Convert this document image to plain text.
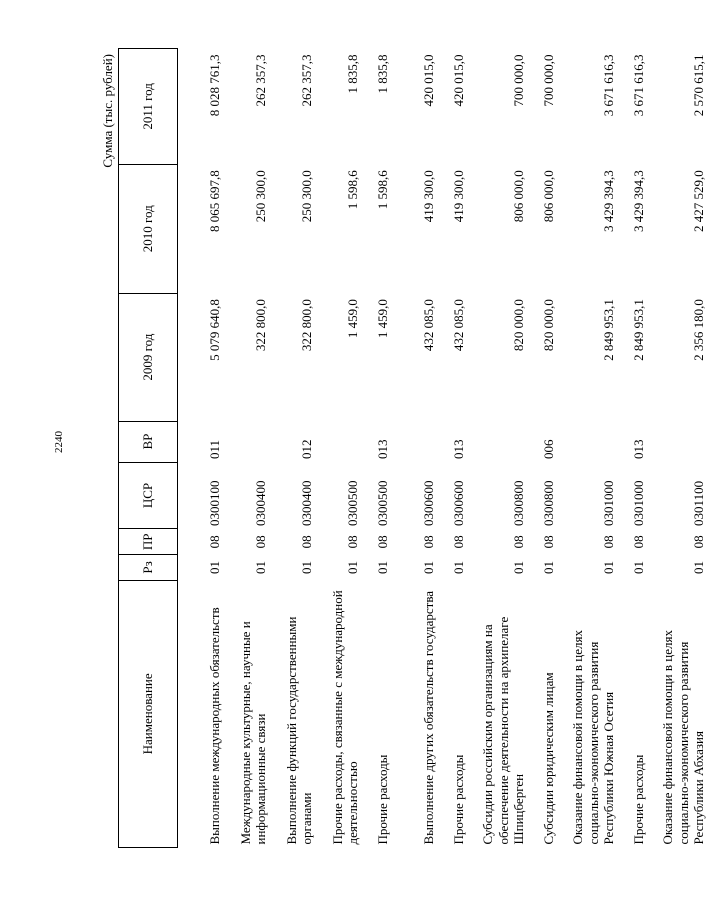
2240
Сумма (тыс. рублей)
Наименование	Рз	ПР	ЦСР	ВР	2009 год	2010 год	2011 год
Выполнение международных обязательств	01	08	0300100	011	5 079 640,8	8 065 697,8	8 028 761,3
Международные культурные, научные и информационные связи	01	08	0300400		322 800,0	250 300,0	262 357,3
Выполнение функций государственными органами	01	08	0300400	012	322 800,0	250 300,0	262 357,3
Прочие расходы, связанные с международной деятельностью	01	08	0300500		1 459,0	1 598,6	1 835,8
Прочие расходы	01	08	0300500	013	1 459,0	1 598,6	1 835,8
Выполнение других обязательств государства	01	08	0300600		432 085,0	419 300,0	420 015,0
Прочие расходы	01	08	0300600	013	432 085,0	419 300,0	420 015,0
Субсидии российским организациям на обеспечение деятельности на архипелаге Шпицберген	01	08	0300800		820 000,0	806 000,0	700 000,0
Субсидии юридическим лицам	01	08	0300800	006	820 000,0	806 000,0	700 000,0
Оказание финансовой помощи в целях социально-экономического развития Республики Южная Осетия	01	08	0301000		2 849 953,1	3 429 394,3	3 671 616,3
Прочие расходы	01	08	0301000	013	2 849 953,1	3 429 394,3	3 671 616,3
Оказание финансовой помощи в целях социально-экономического развития Республики Абхазия	01	08	0301100		2 356 180,0	2 427 529,0	2 570 615,1
